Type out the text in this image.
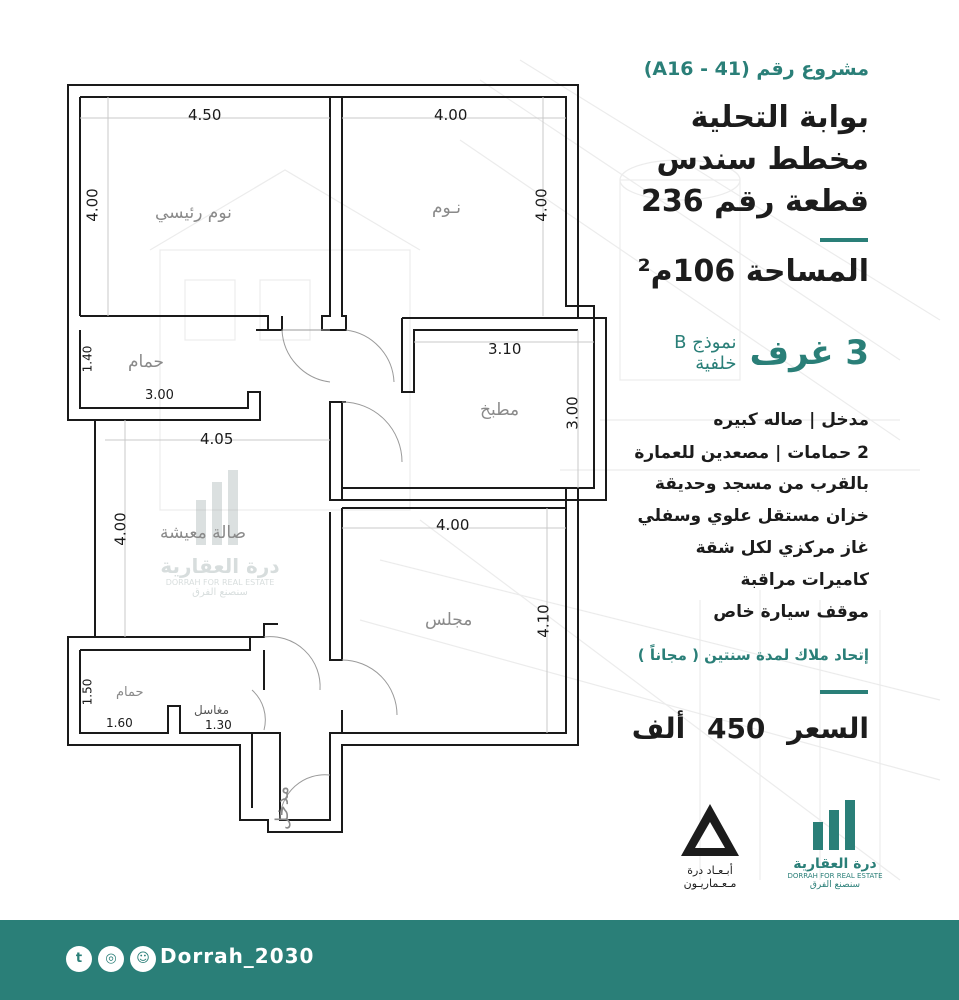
درة العقارية
DORRAH FOR REAL ESTATE
سنصنع الفرق
نوم رئيسي	نـوم
حمام
مطبخ
صالة معيشة
مجلس
حمام
مغاسل
مدخل
4.50	4.00
4.00	4.00
1.40
3.00
3.10
3.00
4.05
4.00	4.00
4.10
1.50
1.60	1.30
مشروع رقم (A16 - 41)
بوابة التحلية
مخطط سندس
قطعة رقم 236
المساحة 106م²
3 غرف
نموذج B
خلفية
مدخل | صاله كبيره
2 حمامات | مصعدين للعمارة
بالقرب من مسجد وحديقة
خزان مستقل علوي وسفلي
غاز مركزي لكل شقة
كاميرات مراقبة
موقف سيارة خاص
إتحاد ملاك لمدة سنتين ( مجاناً )
السعر 450 ألف
أبـعـاد درة
مـعـماريـون
درة العقارية
DORRAH FOR REAL ESTATE
سنصنع الفرق
t	◎	☺ Dorrah_2030
